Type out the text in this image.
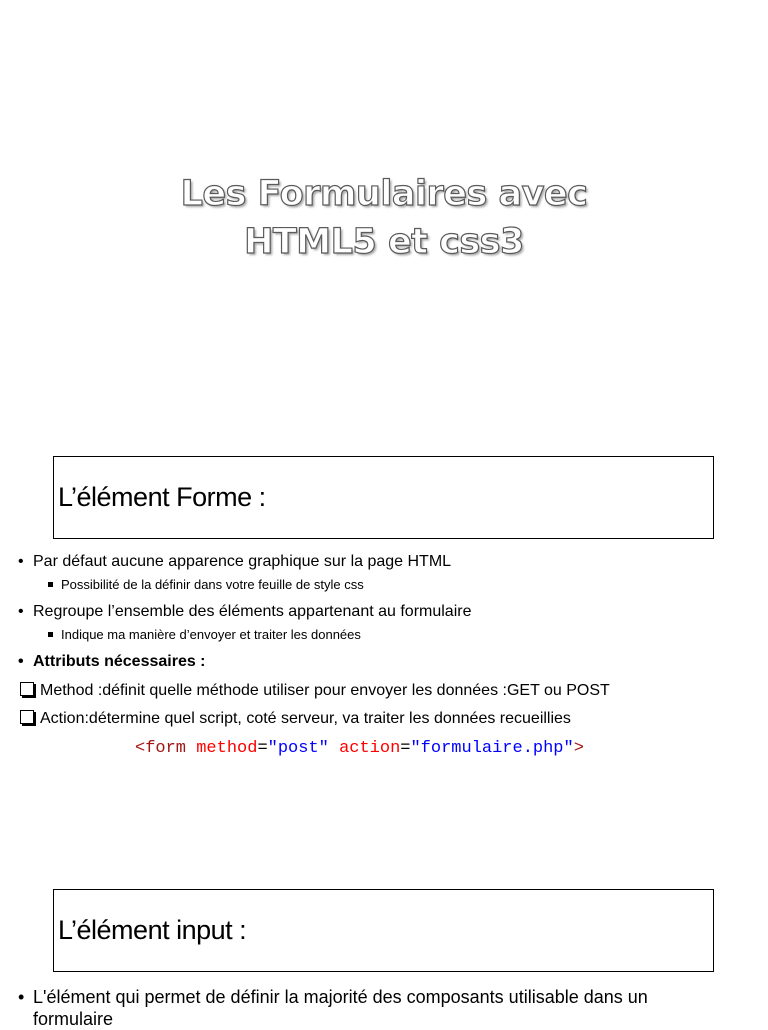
Les Formulaires avec
HTML5 et css3
L’élément Forme :
• Par défaut aucune apparence graphique sur la page HTML
Possibilité de la définir dans votre feuille de style css
• Regroupe l’ensemble des éléments appartenant au formulaire
Indique ma manière d’envoyer et traiter les données
• Attributs nécessaires :
Method :définit quelle méthode utiliser pour envoyer les données :GET ou POST
Action:détermine quel script, coté serveur, va traiter les données recueillies
<form method="post" action="formulaire.php">
L’élément input :
• L'élément qui permet de définir la majorité des composants utilisable dans un
formulaire
